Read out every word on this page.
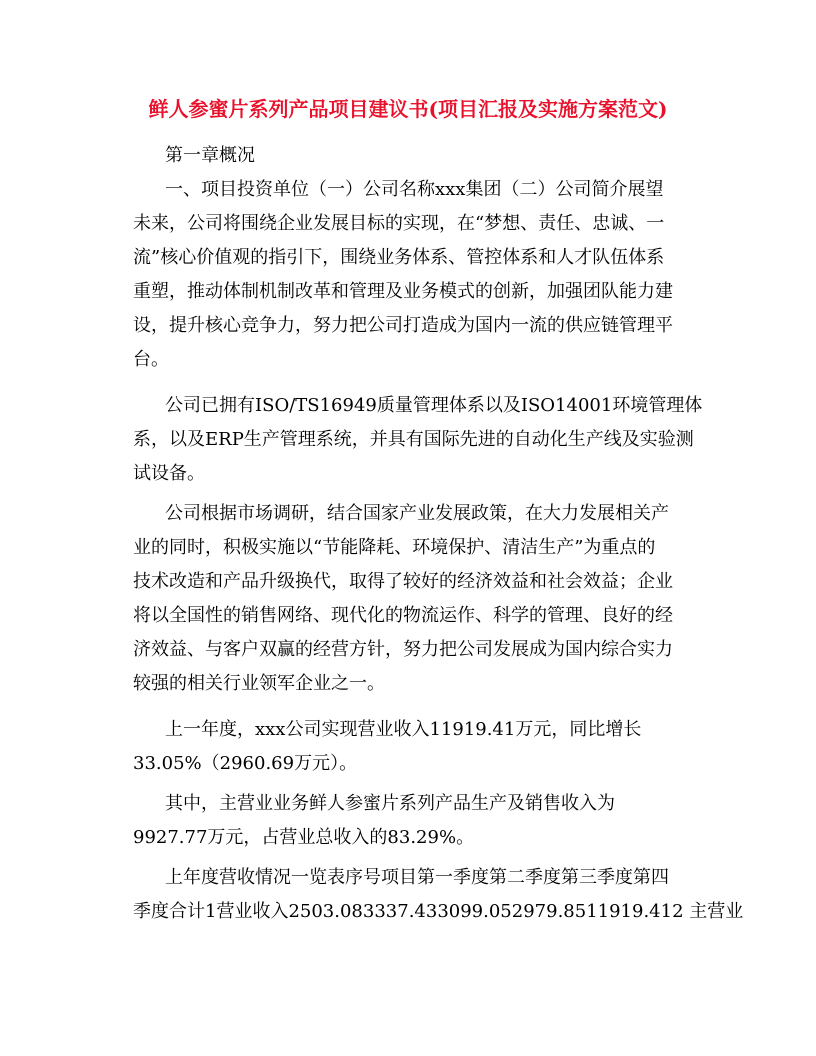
鲜人参蜜片系列产品项目建议书(项目汇报及实施方案范文)
第一章概况
一、项目投资单位（一）公司名称xxx集团（二）公司简介展望
未来，公司将围绕企业发展目标的实现，在“梦想、责任、忠诚、一
流”核心价值观的指引下，围绕业务体系、管控体系和人才队伍体系
重塑，推动体制机制改革和管理及业务模式的创新，加强团队能力建
设，提升核心竞争力，努力把公司打造成为国内一流的供应链管理平
台。
公司已拥有ISO/TS16949质量管理体系以及ISO14001环境管理体
系，以及ERP生产管理系统，并具有国际先进的自动化生产线及实验测
试设备。
公司根据市场调研，结合国家产业发展政策，在大力发展相关产
业的同时，积极实施以“节能降耗、环境保护、清洁生产”为重点的
技术改造和产品升级换代，取得了较好的经济效益和社会效益；企业
将以全国性的销售网络、现代化的物流运作、科学的管理、良好的经
济效益、与客户双赢的经营方针，努力把公司发展成为国内综合实力
较强的相关行业领军企业之一。
上一年度，xxx公司实现营业收入11919.41万元，同比增长
33.05%（2960.69万元）。
其中，主营业业务鲜人参蜜片系列产品生产及销售收入为
9927.77万元，占营业总收入的83.29%。
上年度营收情况一览表序号项目第一季度第二季度第三季度第四
季度合计1营业收入2503.083337.433099.052979.8511919.412 主营业
